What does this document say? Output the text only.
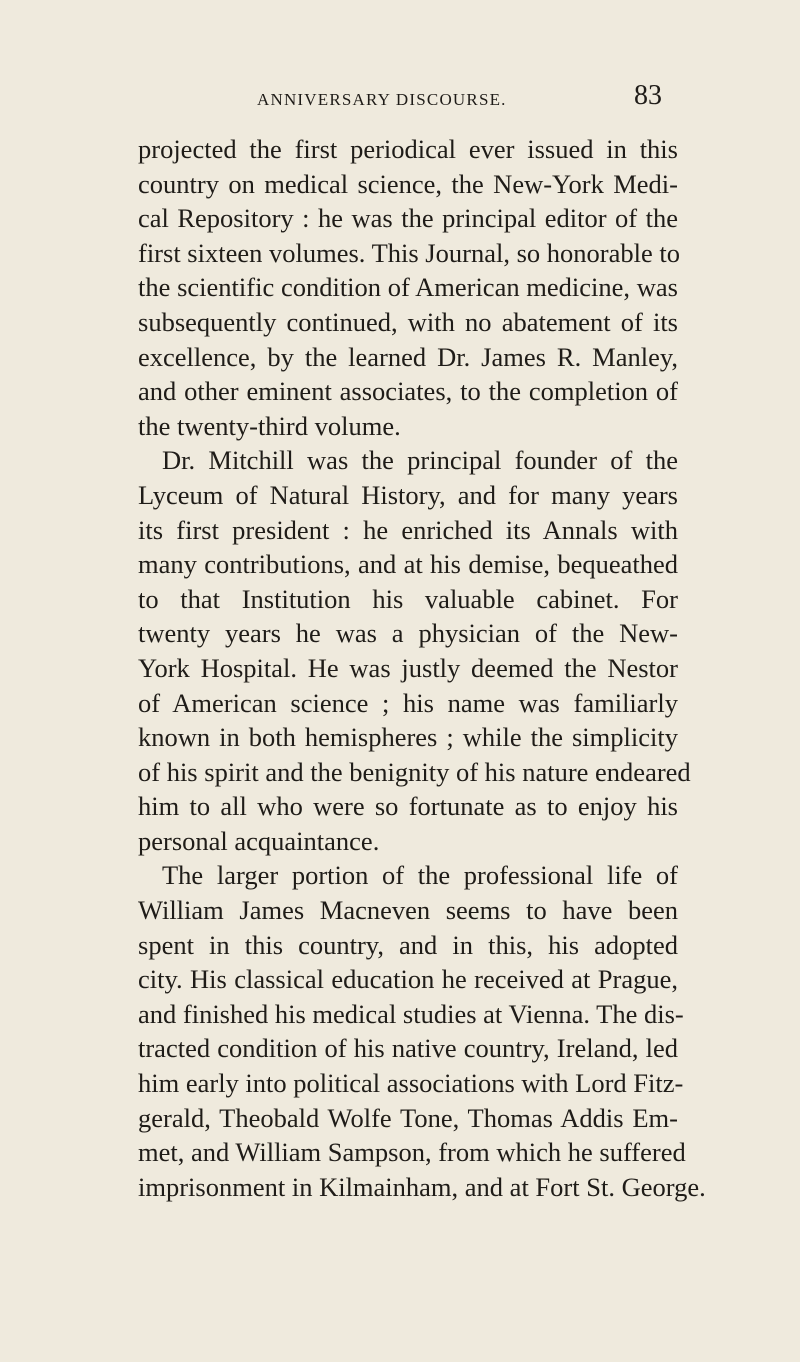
ANNIVERSARY DISCOURSE.	83
projected the first periodical ever issued in this
country on medical science, the New-York Medi-
cal Repository : he was the principal editor of the
first sixteen volumes. This Journal, so honorable to
the scientific condition of American medicine, was
subsequently continued, with no abatement of its
excellence, by the learned Dr. James R. Manley,
and other eminent associates, to the completion of
the twenty-third volume.
Dr. Mitchill was the principal founder of the
Lyceum of Natural History, and for many years
its first president : he enriched its Annals with
many contributions, and at his demise, bequeathed
to that Institution his valuable cabinet. For
twenty years he was a physician of the New-
York Hospital. He was justly deemed the Nestor
of American science ; his name was familiarly
known in both hemispheres ; while the simplicity
of his spirit and the benignity of his nature endeared
him to all who were so fortunate as to enjoy his
personal acquaintance.
The larger portion of the professional life of
William James Macneven seems to have been
spent in this country, and in this, his adopted
city. His classical education he received at Prague,
and finished his medical studies at Vienna. The dis-
tracted condition of his native country, Ireland, led
him early into political associations with Lord Fitz-
gerald, Theobald Wolfe Tone, Thomas Addis Em-
met, and William Sampson, from which he suffered
imprisonment in Kilmainham, and at Fort St. George.
